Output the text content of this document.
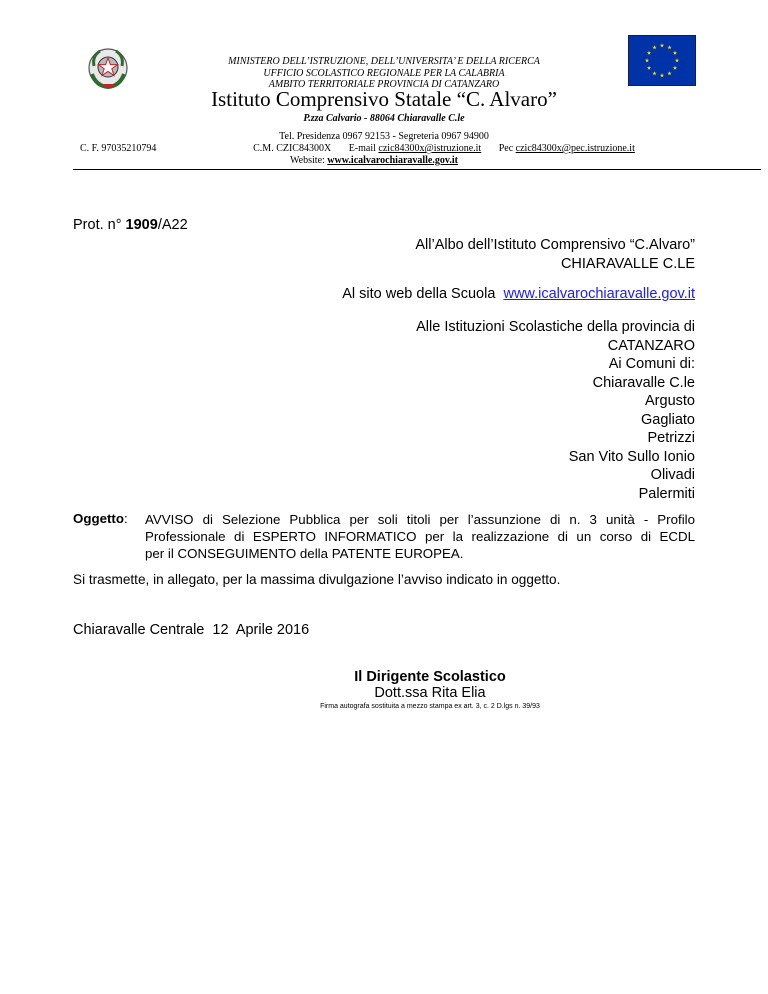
MINISTERO DELL’ISTRUZIONE, DELL’UNIVERSITA’ E DELLA RICERCA
UFFICIO SCOLASTICO REGIONALE PER LA CALABRIA
AMBITO TERRITORIALE PROVINCIA DI CATANZARO
Istituto Comprensivo Statale “C. Alvaro”
P.zza Calvario - 88064 Chiaravalle C.le
Tel. Presidenza 0967 92153 - Segreteria 0967 94900
C. F. 97035210794	C.M. CZIC84300X E-mail czic84300x@istruzione.it Pec czic84300x@pec.istruzione.it
Website: www.icalvarochiaravalle.gov.it
Prot. n° 1909/A22
All’Albo dell’Istituto Comprensivo “C.Alvaro”
CHIARAVALLE C.LE
Al sito web della Scuola www.icalvarochiaravalle.gov.it
Alle Istituzioni Scolastiche della provincia di
CATANZARO
Ai Comuni di:
Chiaravalle C.le
Argusto
Gagliato
Petrizzi
San Vito Sullo Ionio
Olivadi
Palermiti
Oggetto: AVVISO di Selezione Pubblica per soli titoli per l’assunzione di n. 3 unità - Profilo
Professionale di ESPERTO INFORMATICO per la realizzazione di un corso di ECDL
per il CONSEGUIMENTO della PATENTE EUROPEA.
Si trasmette, in allegato, per la massima divulgazione l’avviso indicato in oggetto.
Chiaravalle Centrale  12  Aprile 2016
Il Dirigente Scolastico
Dott.ssa Rita Elia
Firma autografa sostituita a mezzo stampa ex art. 3, c. 2 D.lgs n. 39/93
